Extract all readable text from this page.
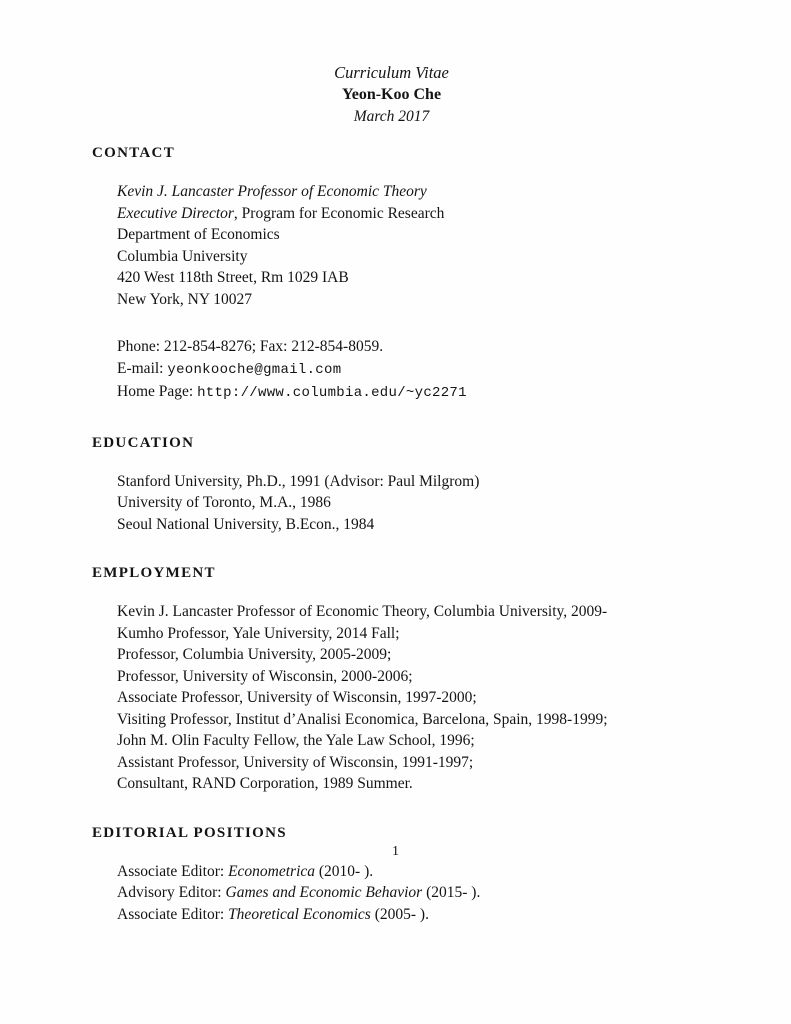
Curriculum Vitae
Yeon-Koo Che
March 2017
CONTACT
Kevin J. Lancaster Professor of Economic Theory
Executive Director, Program for Economic Research
Department of Economics
Columbia University
420 West 118th Street, Rm 1029 IAB
New York, NY 10027
Phone: 212-854-8276; Fax: 212-854-8059.
E-mail: yeonkooche@gmail.com
Home Page: http://www.columbia.edu/~yc2271
EDUCATION
Stanford University, Ph.D., 1991 (Advisor: Paul Milgrom)
University of Toronto, M.A., 1986
Seoul National University, B.Econ., 1984
EMPLOYMENT
Kevin J. Lancaster Professor of Economic Theory, Columbia University, 2009-
Kumho Professor, Yale University, 2014 Fall;
Professor, Columbia University, 2005-2009;
Professor, University of Wisconsin, 2000-2006;
Associate Professor, University of Wisconsin, 1997-2000;
Visiting Professor, Institut d’Analisi Economica, Barcelona, Spain, 1998-1999;
John M. Olin Faculty Fellow, the Yale Law School, 1996;
Assistant Professor, University of Wisconsin, 1991-1997;
Consultant, RAND Corporation, 1989 Summer.
EDITORIAL POSITIONS
Associate Editor: Econometrica (2010- ).
Advisory Editor: Games and Economic Behavior (2015- ).
Associate Editor: Theoretical Economics (2005- ).
1
